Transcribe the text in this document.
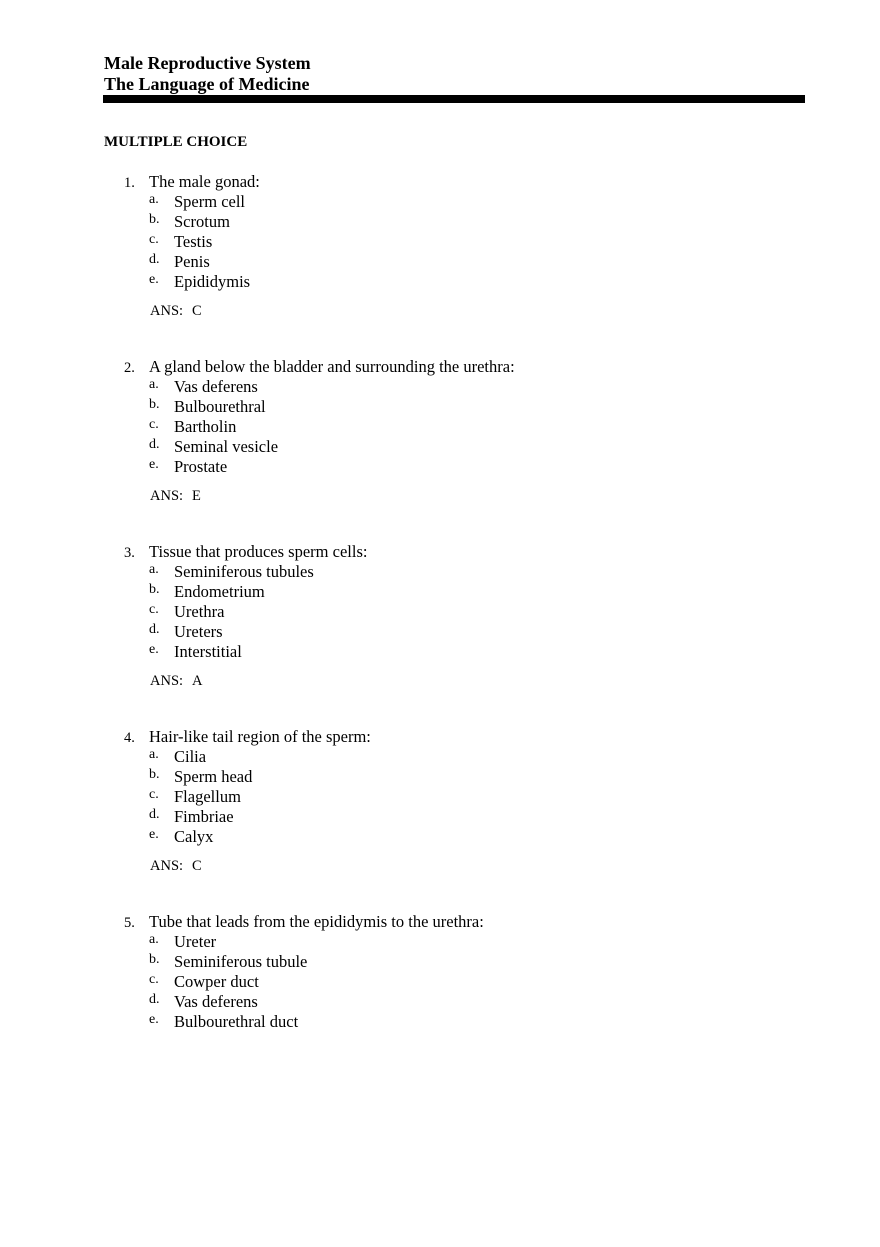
Male Reproductive System
The Language of Medicine
MULTIPLE CHOICE
1. The male gonad:
a. Sperm cell
b. Scrotum
c. Testis
d. Penis
e. Epididymis
ANS: C
2. A gland below the bladder and surrounding the urethra:
a. Vas deferens
b. Bulbourethral
c. Bartholin
d. Seminal vesicle
e. Prostate
ANS: E
3. Tissue that produces sperm cells:
a. Seminiferous tubules
b. Endometrium
c. Urethra
d. Ureters
e. Interstitial
ANS: A
4. Hair-like tail region of the sperm:
a. Cilia
b. Sperm head
c. Flagellum
d. Fimbriae
e. Calyx
ANS: C
5. Tube that leads from the epididymis to the urethra:
a. Ureter
b. Seminiferous tubule
c. Cowper duct
d. Vas deferens
e. Bulbourethral duct
